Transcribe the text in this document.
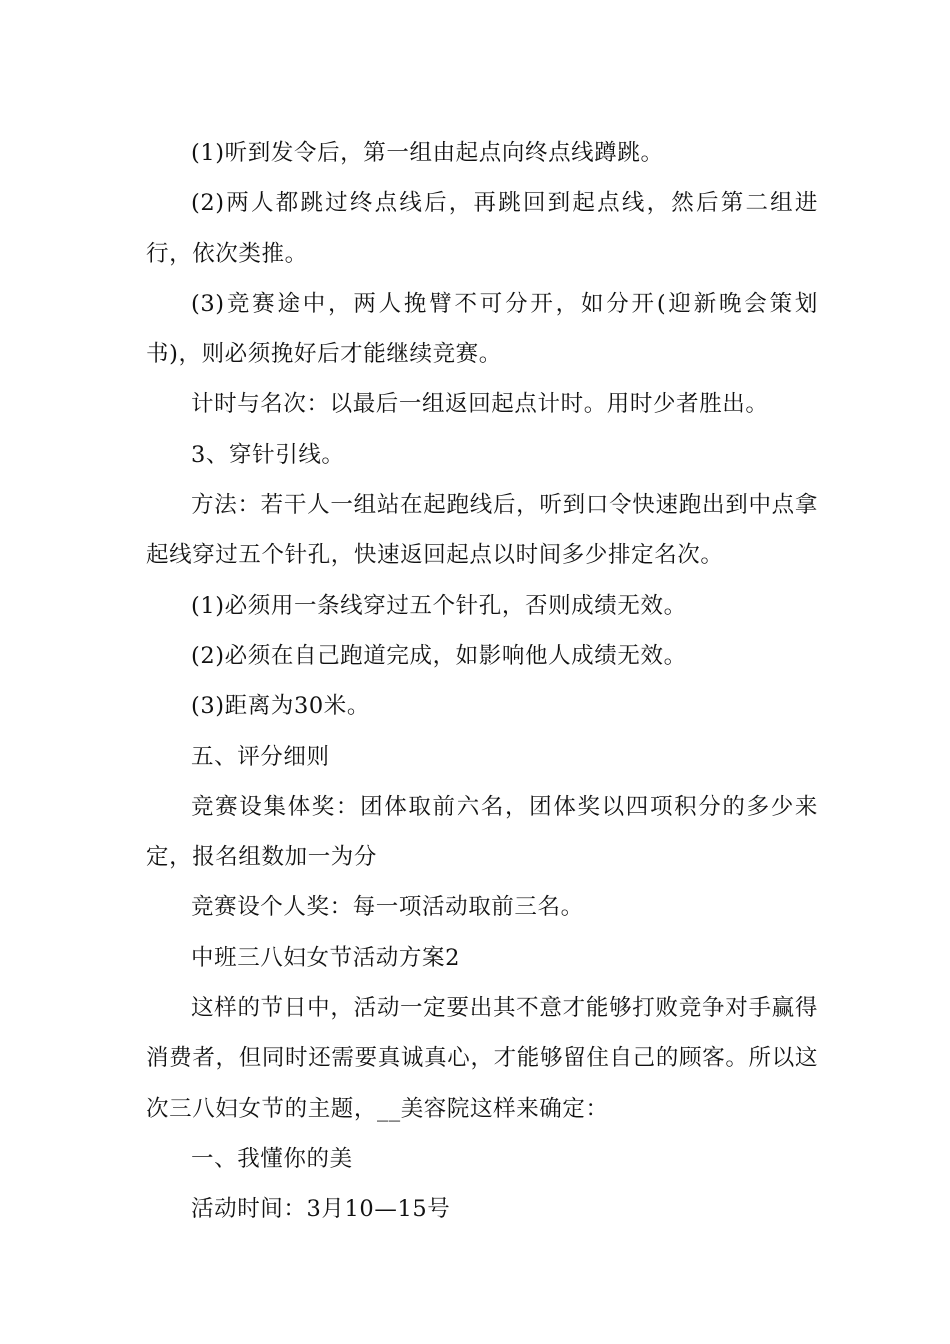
(1)听到发令后，第一组由起点向终点线蹲跳。

(2)两人都跳过终点线后，再跳回到起点线，然后第二组进行，依次类推。

(3)竞赛途中，两人挽臂不可分开，如分开(迎新晚会策划书)，则必须挽好后才能继续竞赛。

计时与名次：以最后一组返回起点计时。用时少者胜出。

3、穿针引线。

方法：若干人一组站在起跑线后，听到口令快速跑出到中点拿起线穿过五个针孔，快速返回起点以时间多少排定名次。

(1)必须用一条线穿过五个针孔，否则成绩无效。

(2)必须在自己跑道完成，如影响他人成绩无效。

(3)距离为30米。

五、评分细则

竞赛设集体奖：团体取前六名，团体奖以四项积分的多少来定，报名组数加一为分

竞赛设个人奖：每一项活动取前三名。

中班三八妇女节活动方案2

这样的节日中，活动一定要出其不意才能够打败竞争对手赢得消费者，但同时还需要真诚真心，才能够留住自己的顾客。所以这次三八妇女节的主题，__美容院这样来确定：

一、我懂你的美

活动时间：3月10—15号
